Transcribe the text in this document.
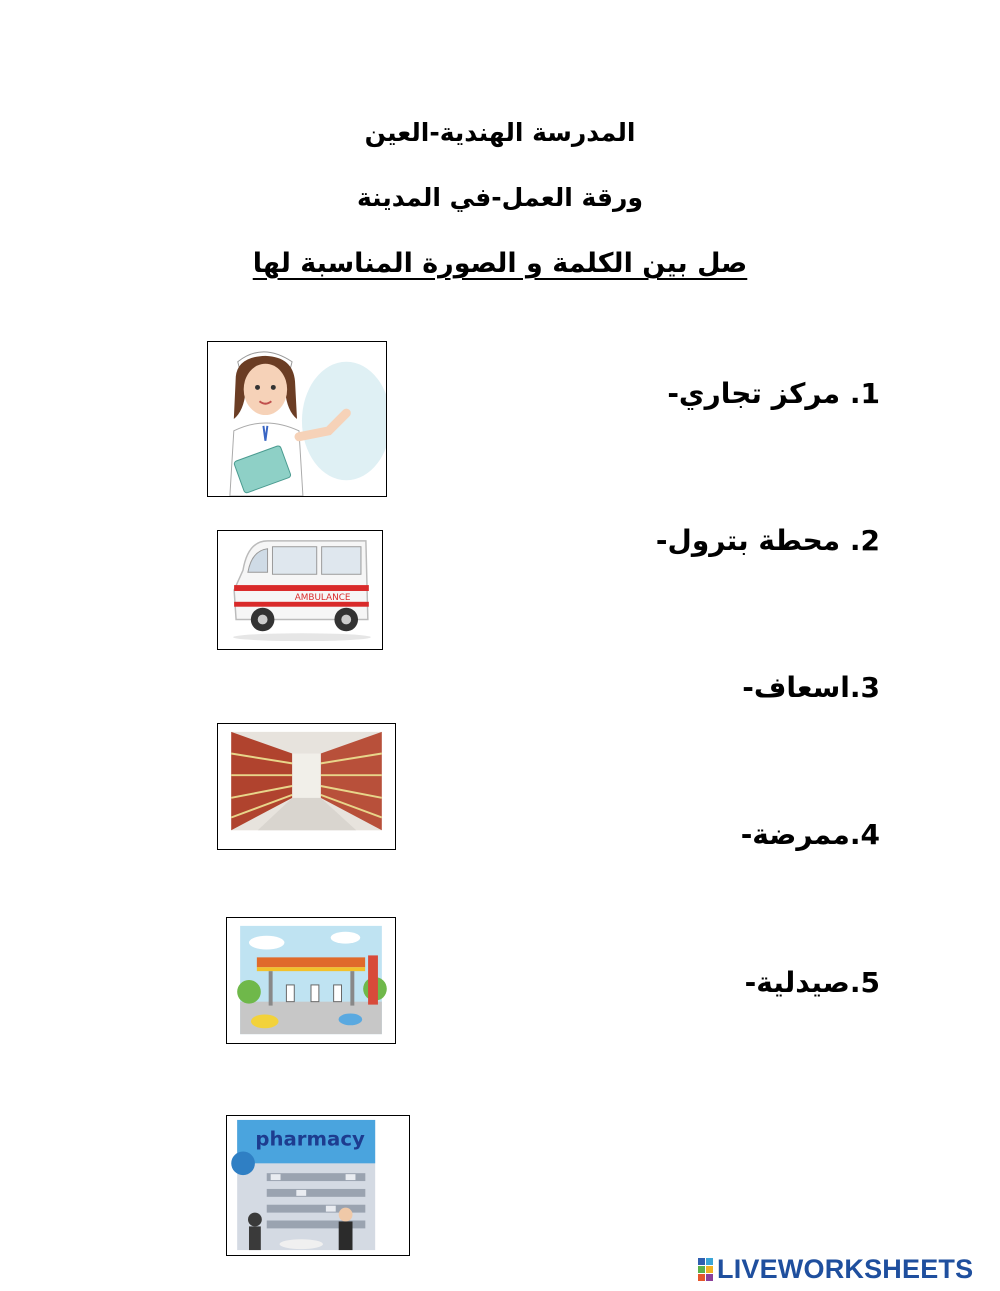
المدرسة الهندية-العين
ورقة العمل-في المدينة
صل بين الكلمة و الصورة المناسبة لها
1. مركز تجاري-
2. محطة بترول-
3.اسعاف-
4.ممرضة-
5.صيدلية-
AMBULANCE
pharmacy
LIVEWORKSHEETS
